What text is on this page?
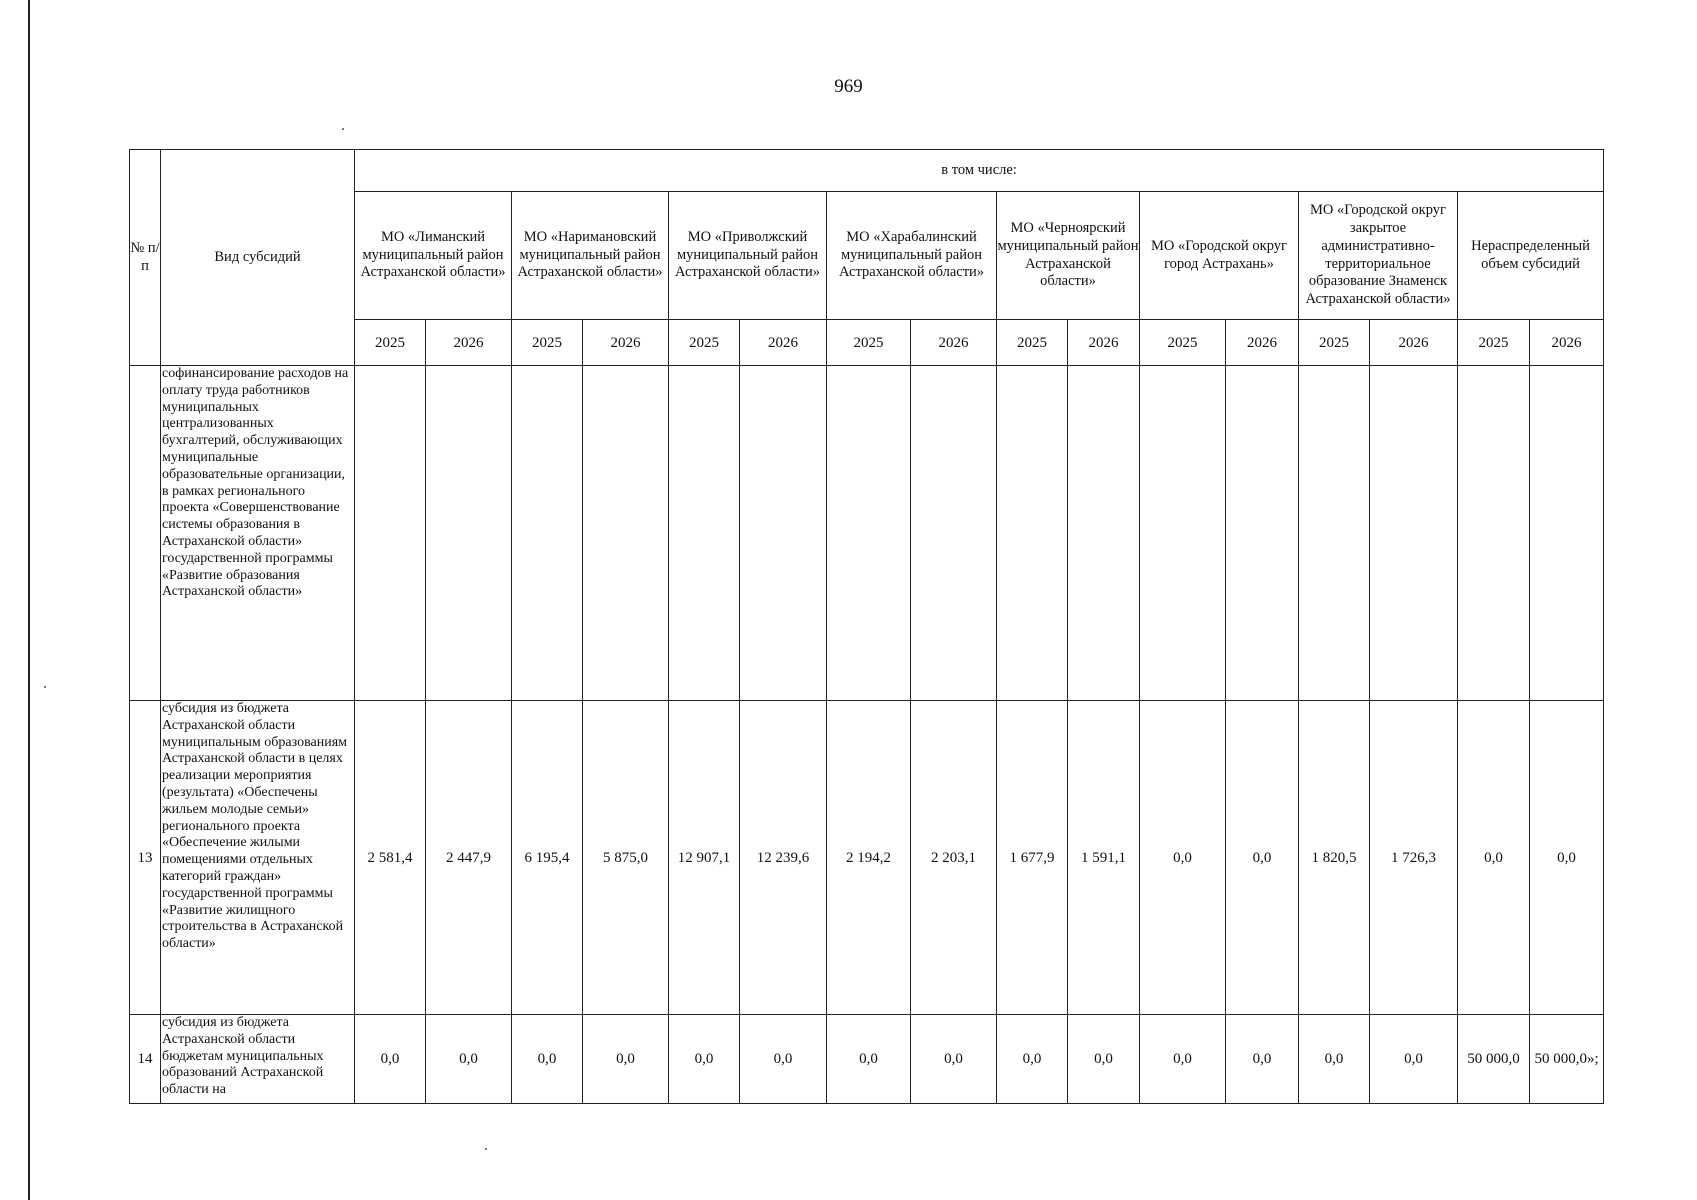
969
№ п/п	Вид субсидий	в том числе:															
		МО «Лиманский муниципальный район Астраханской области»		МО «Наримановский муниципальный район Астраханской области»		МО «Приволжский муниципальный район Астраханской области»		МО «Харабалинский муниципальный район Астраханской области»		МО «Черноярский муниципальный район Астраханской области»		МО «Городской округ город Астрахань»		МО «Городской округ закрытое административно-территориальное образование Знаменск Астраханской области»		Нераспределенный объем субсидий	
		2025	2026	2025	2026	2025	2026	2025	2026	2025	2026	2025	2026	2025	2026	2025	2026
	софинансирование расходов на оплату труда работников муниципальных централизованных бухгалтерий, обслуживающих муниципальные образовательные организации, в рамках регионального проекта «Совершенствование системы образования в Астраханской области» государственной программы «Развитие образования Астраханской области»																
13	субсидия из бюджета Астраханской области муниципальным образованиям Астраханской области в целях реализации мероприятия (результата) «Обеспечены жильем молодые семьи» регионального проекта «Обеспечение жилыми помещениями отдельных категорий граждан» государственной программы «Развитие жилищного строительства в Астраханской области»	2 581,4	2 447,9	6 195,4	5 875,0	12 907,1	12 239,6	2 194,2	2 203,1	1 677,9	1 591,1	0,0	0,0	1 820,5	1 726,3	0,0	0,0
14	субсидия из бюджета Астраханской области бюджетам муниципальных образований Астраханской области на	0,0	0,0	0,0	0,0	0,0	0,0	0,0	0,0	0,0	0,0	0,0	0,0	0,0	0,0	50 000,0	50 000,0»;
